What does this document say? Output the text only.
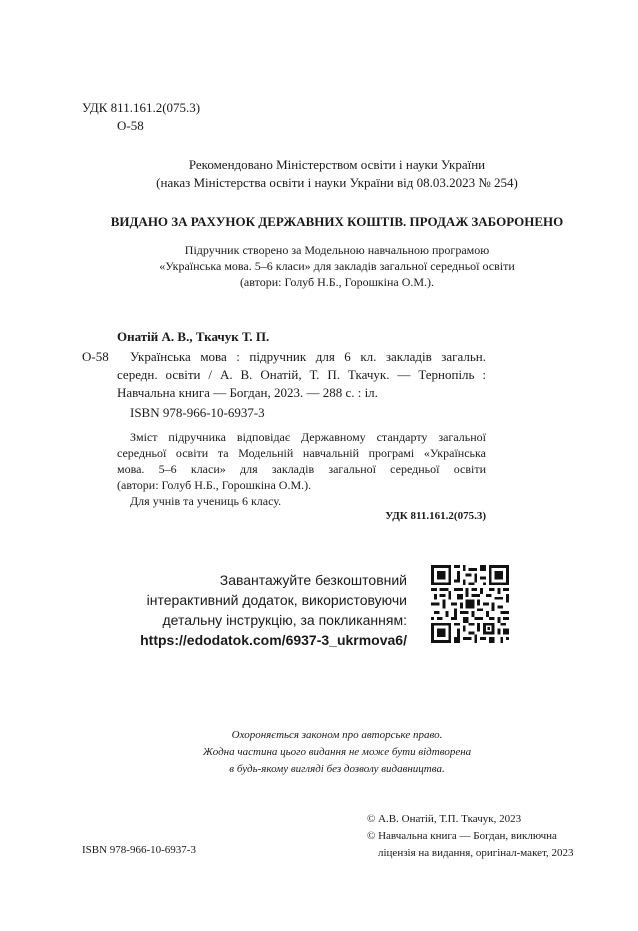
УДК 811.161.2(075.3)
О-58
Рекомендовано Міністерством освіти і науки України
(наказ Міністерства освіти і науки України від 08.03.2023 № 254)
ВИДАНО ЗА РАХУНОК ДЕРЖАВНИХ КОШТІВ. ПРОДАЖ ЗАБОРОНЕНО
Підручник створено за Модельною навчальною програмою
«Українська мова. 5–6 класи» для закладів загальної середньої освіти
(автори: Голуб Н.Б., Горошкіна О.М.).
Онатій А. В., Ткачук Т. П.
О-58 Українська мова : підручник для 6 кл. закладів загальн.
середн. освіти / А. В. Онатій, Т. П. Ткачук. — Тернопіль :
Навчальна книга — Богдан, 2023. — 288 с. : іл.
ISBN 978-966-10-6937-3
Зміст підручника відповідає Державному стандарту загальної
середньої освіти та Модельній навчальній програмі «Українська
мова. 5–6 класи» для закладів загальної середньої освіти
(автори: Голуб Н.Б., Горошкіна О.М.).
Для учнів та учениць 6 класу.
УДК 811.161.2(075.3)
Завантажуйте безкоштовний
інтерактивний додаток, використовуючи
детальну інструкцію, за покликанням:
https://edodatok.com/6937-3_ukrmova6/
Охороняється законом про авторське право.
Жодна частина цього видання не може бути відтворена
в будь-якому вигляді без дозволу видавництва.
ISBN 978-966-10-6937-3
© А.В. Онатій, Т.П. Ткачук, 2023
© Навчальна книга — Богдан, виключна
ліцензія на видання, оригінал-макет, 2023
